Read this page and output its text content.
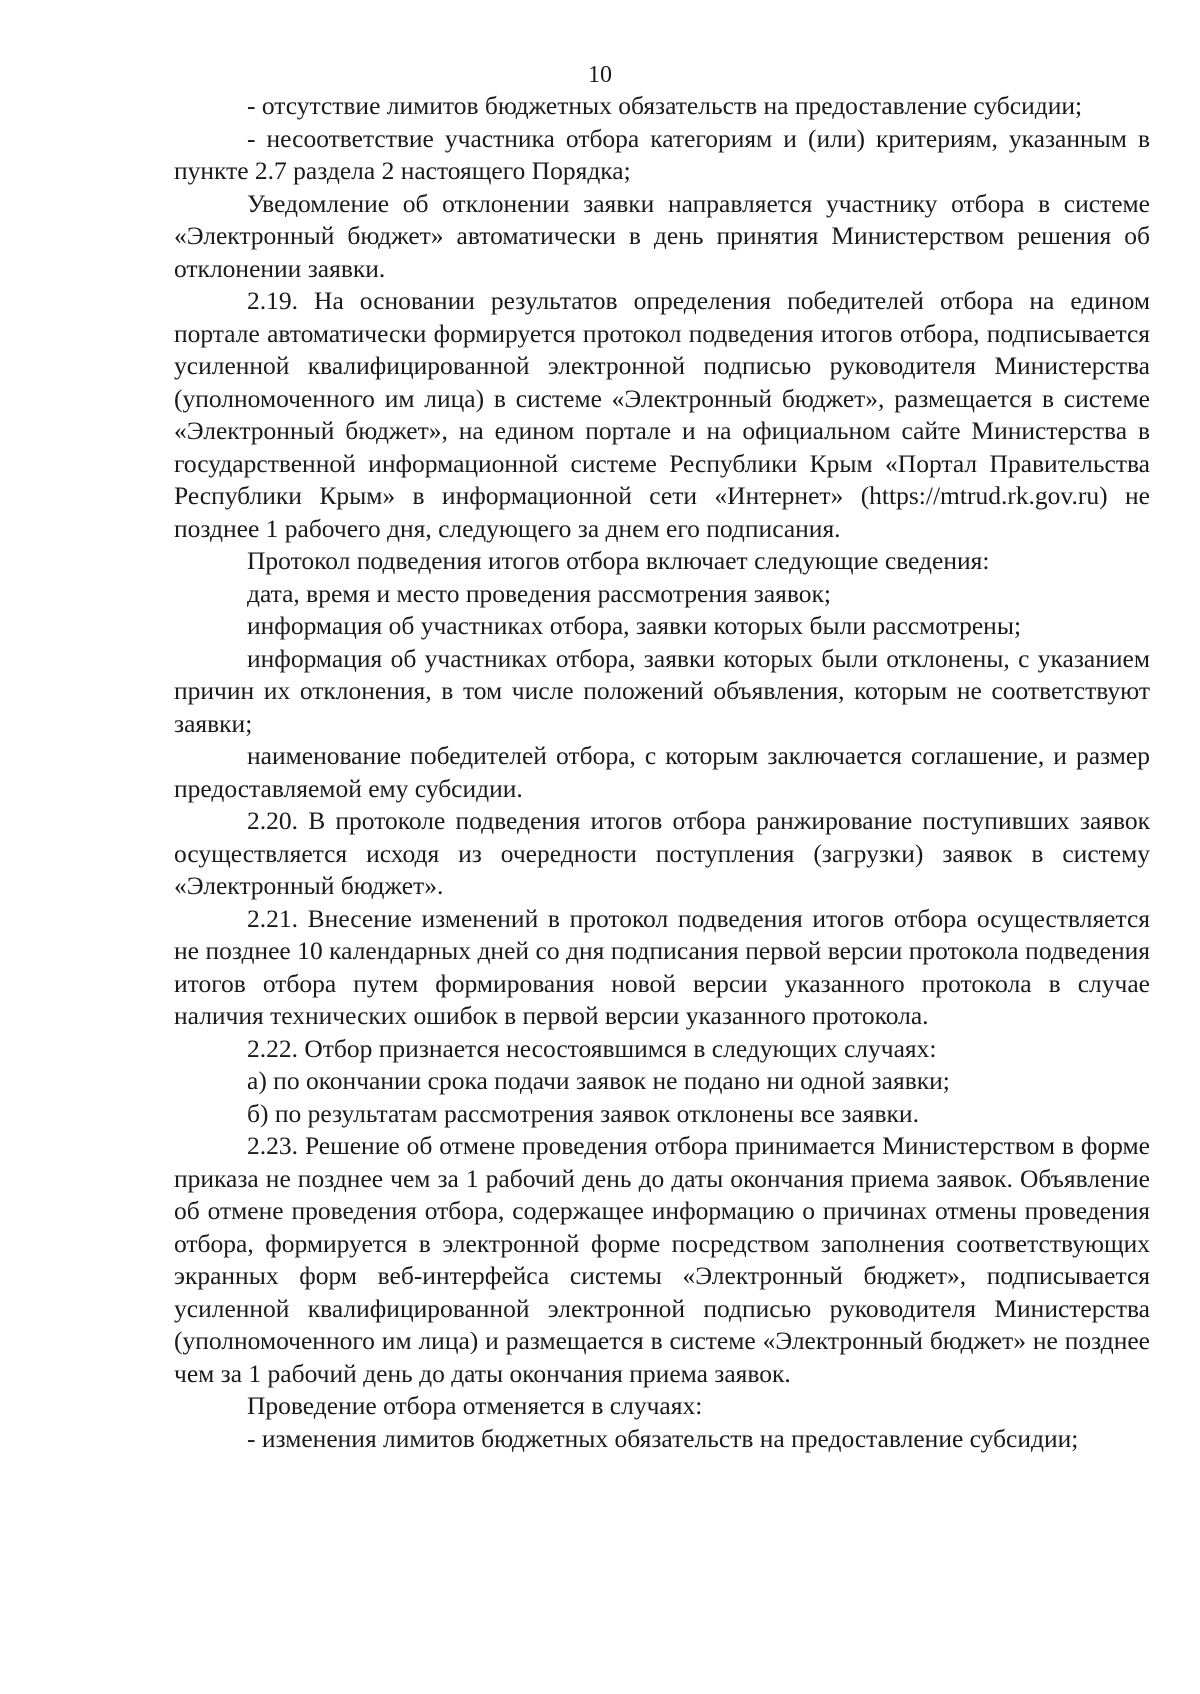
10

- отсутствие лимитов бюджетных обязательств на предоставление субсидии;

- несоответствие участника отбора категориям и (или) критериям, указанным в пункте 2.7 раздела 2 настоящего Порядка;

Уведомление об отклонении заявки направляется участнику отбора в системе «Электронный бюджет» автоматически в день принятия Министерством решения об отклонении заявки.

2.19. На основании результатов определения победителей отбора на едином портале автоматически формируется протокол подведения итогов отбора, подписывается усиленной квалифицированной электронной подписью руководителя Министерства (уполномоченного им лица) в системе «Электронный бюджет», размещается в системе «Электронный бюджет», на едином портале и на официальном сайте Министерства в государственной информационной системе Республики Крым «Портал Правительства Республики Крым» в информационной сети «Интернет» (https://mtrud.rk.gov.ru) не позднее 1 рабочего дня, следующего за днем его подписания.

Протокол подведения итогов отбора включает следующие сведения:

дата, время и место проведения рассмотрения заявок;

информация об участниках отбора, заявки которых были рассмотрены;

информация об участниках отбора, заявки которых были отклонены, с указанием причин их отклонения, в том числе положений объявления, которым не соответствуют заявки;

наименование победителей отбора, с которым заключается соглашение, и размер предоставляемой ему субсидии.

2.20. В протоколе подведения итогов отбора ранжирование поступивших заявок осуществляется исходя из очередности поступления (загрузки) заявок в систему «Электронный бюджет».

2.21. Внесение изменений в протокол подведения итогов отбора осуществляется не позднее 10 календарных дней со дня подписания первой версии протокола подведения итогов отбора путем формирования новой версии указанного протокола в случае наличия технических ошибок в первой версии указанного протокола.

2.22. Отбор признается несостоявшимся в следующих случаях:

а) по окончании срока подачи заявок не подано ни одной заявки;

б) по результатам рассмотрения заявок отклонены все заявки.

2.23. Решение об отмене проведения отбора принимается Министерством в форме приказа не позднее чем за 1 рабочий день до даты окончания приема заявок. Объявление об отмене проведения отбора, содержащее информацию о причинах отмены проведения отбора, формируется в электронной форме посредством заполнения соответствующих экранных форм веб-интерфейса системы «Электронный бюджет», подписывается усиленной квалифицированной электронной подписью руководителя Министерства (уполномоченного им лица) и размещается в системе «Электронный бюджет» не позднее чем за 1 рабочий день до даты окончания приема заявок.

Проведение отбора отменяется в случаях:

- изменения лимитов бюджетных обязательств на предоставление субсидии;
